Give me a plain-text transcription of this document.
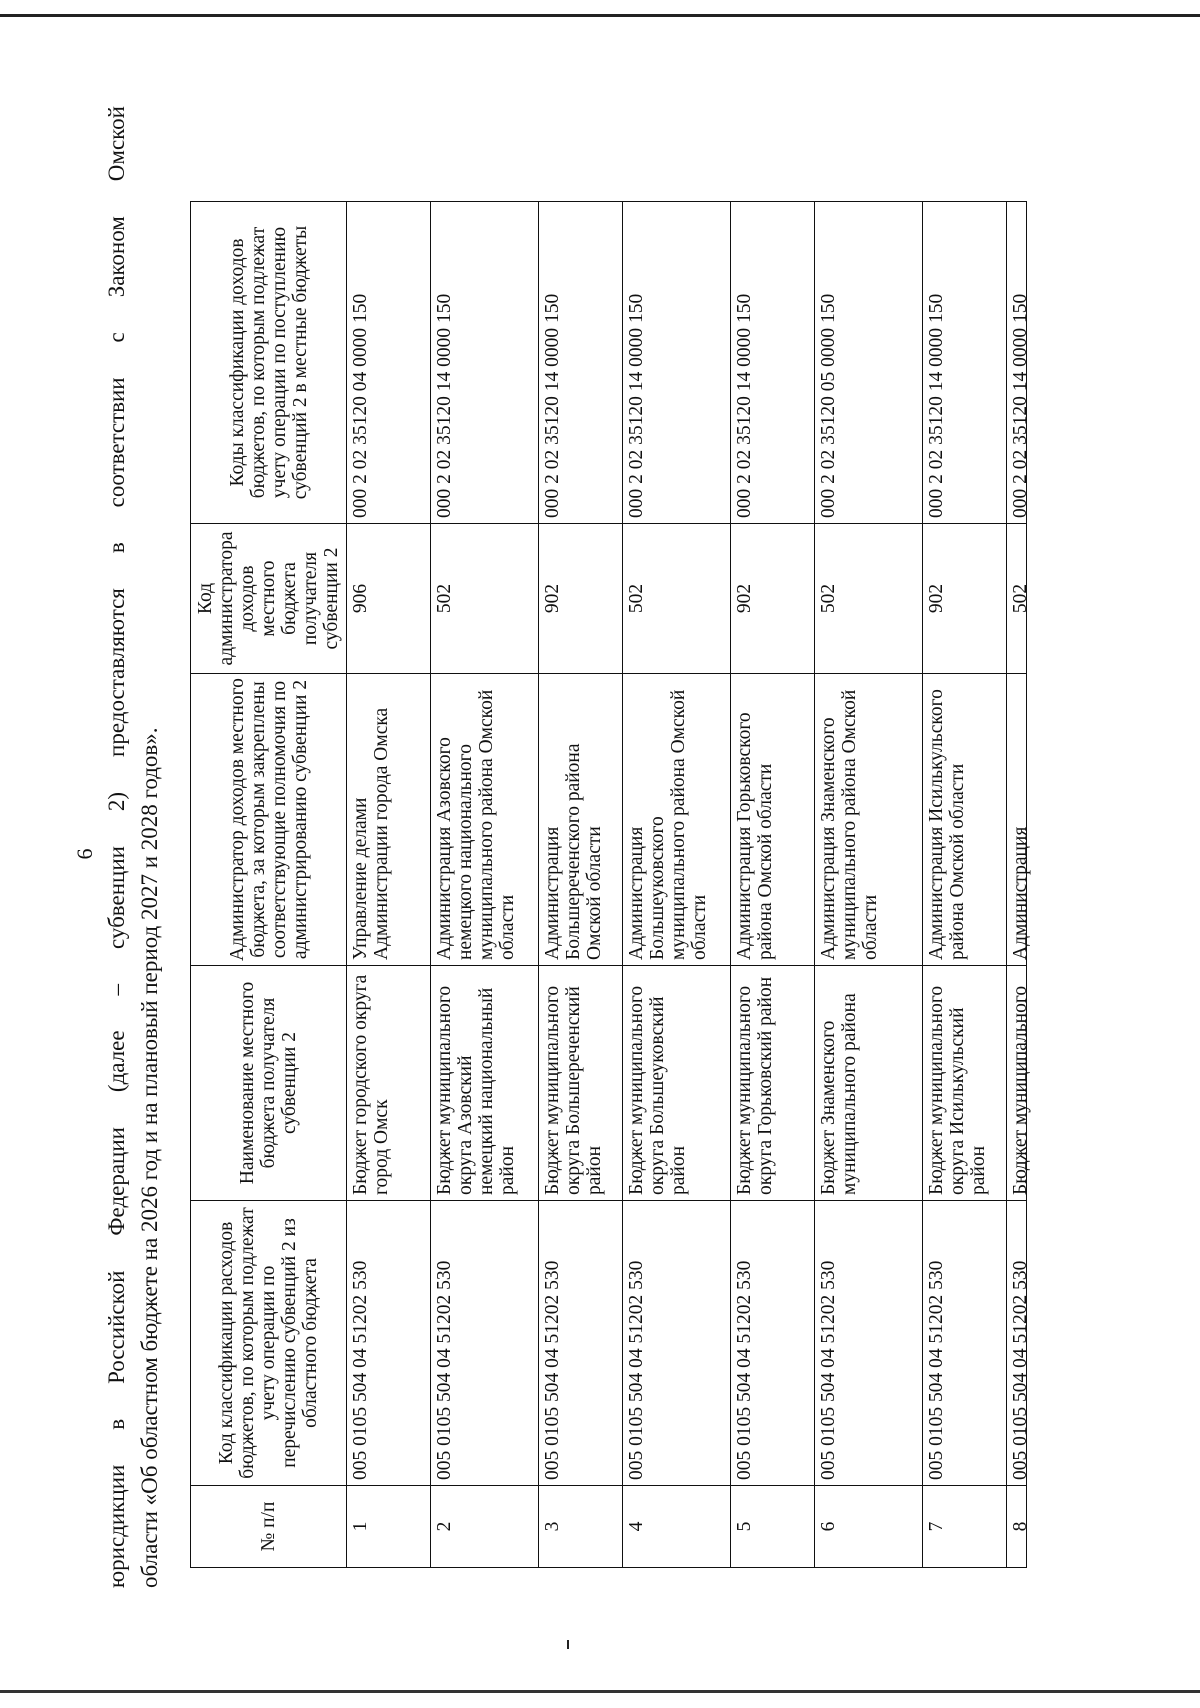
6 юрисдикции в Российской Федерации (далее – субвенции 2) предоставляются в соответствии с Законом Омской области «Об областном бюджете на 2026 год и на плановый период 2027 и 2028 годов».	№ п/п	Код классификации расходов бюджетов, по которым подлежат учету операции по перечислению субвенций 2 из областного бюджета	Наименование местного бюджета получателя субвенции 2	Администратор доходов местного бюджета, за которым закреплены соответствующие полномочия по администрированию субвенции 2	Код администратора доходов местного бюджета получателя субвенции 2	Коды классификации доходов бюджетов, по которым подлежат учету операции по поступлению субвенций 2 в местные бюджеты
1	005 0105 504 04 51202 530	Бюджет городского округа город Омск	Управление делами Администрации города Омска	906	000 2 02 35120 04 0000 150
2	005 0105 504 04 51202 530	Бюджет муниципального округа Азовский немецкий национальный район	Администрация Азовского немецкого национального муниципального района Омской области	502	000 2 02 35120 14 0000 150
3	005 0105 504 04 51202 530	Бюджет муниципального округа Большереченский район	Администрация Большереченского района Омской области	902	000 2 02 35120 14 0000 150
4	005 0105 504 04 51202 530	Бюджет муниципального округа Большеуковский район	Администрация Большеуковского муниципального района Омской области	502	000 2 02 35120 14 0000 150
5	005 0105 504 04 51202 530	Бюджет муниципального округа Горьковский район	Администрация Горьковского района Омской области	902	000 2 02 35120 14 0000 150
6	005 0105 504 04 51202 530	Бюджет Знаменского муниципального района	Администрация Знаменского муниципального района Омской области	502	000 2 02 35120 05 0000 150
7	005 0105 504 04 51202 530	Бюджет муниципального округа Исилькульский район	Администрация Исилькульского района Омской области	902	000 2 02 35120 14 0000 150

8	005 0105 504 04 51202 530	Бюджет муниципального	Администрация	502	000 2 02 35120 14 0000 150
